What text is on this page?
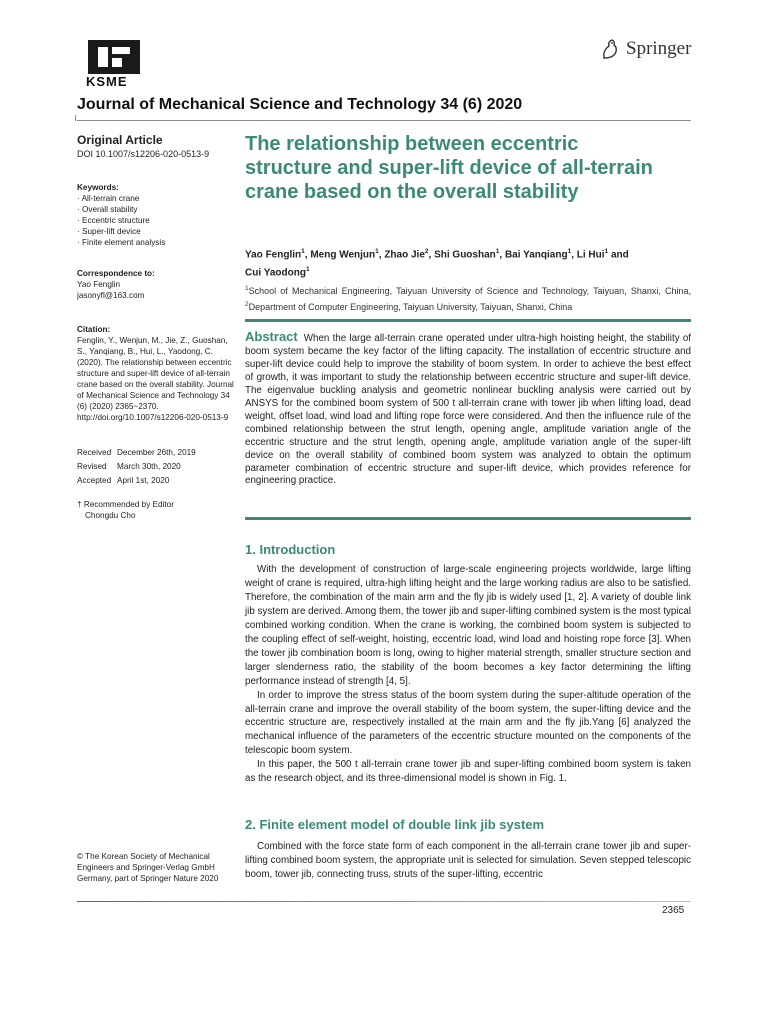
KSME
Springer
Journal of Mechanical Science and Technology 34 (6) 2020
Original Article
DOI 10.1007/s12206-020-0513-9
Keywords:
· All-terrain crane
· Overall stability
· Eccentric structure
· Super-lift device
· Finite element analysis
Correspondence to:
Yao Fenglin
jasonyfl@163.com
Citation:
Fenglin, Y., Wenjun, M., Jie, Z., Guoshan, S., Yanqiang, B., Hui, L., Yaodong, C. (2020). The relationship between eccentric structure and super-lift device of all-terrain crane based on the overall stability. Journal of Mechanical Science and Technology 34 (6) (2020) 2365~2370. http://doi.org/10.1007/s12206-020-0513-9
Received December 26th, 2019
Revised	March 30th, 2020
Accepted April 1st, 2020
† Recommended by Editor
Chongdu Cho
© The Korean Society of Mechanical Engineers and Springer-Verlag GmbH Germany, part of Springer Nature 2020
The relationship between eccentric structure and super-lift device of all-terrain crane based on the overall stability
Yao Fenglin$^1$, Meng Wenjun$^1$, Zhao Jie$^2$, Shi Guoshan$^1$, Bai Yanqiang$^1$, Li Hui$^1$ and
Cui Yaodong$^1$
$^1$School of Mechanical Engineering, Taiyuan University of Science and Technology, Taiyuan, Shanxi, China, $^2$Department of Computer Engineering, Taiyuan University, Taiyuan, Shanxi, China
Abstract When the large all-terrain crane operated under ultra-high hoisting height, the stability of boom system became the key factor of the lifting capacity. The installation of eccentric structure and super-lift device could help to improve the stability of boom system. In order to achieve the best effect of growth, it was important to study the relationship between eccentric structure and super-lift device. The eigenvalue buckling analysis and geometric nonlinear buckling analysis were carried out by ANSYS for the combined boom system of 500 t all-terrain crane with tower jib when lifting load, dead weight, offset load, wind load and lifting rope force were considered. And then the influence rule of the combined relationship between the strut length, opening angle, amplitude variation angle of the eccentric structure and the strut length, opening angle, amplitude variation angle of the super-lift device on the overall stability of combined boom system was analyzed to obtain the optimum parameter combination of eccentric structure and super-lift device, which provides reference for engineering practice.
1. Introduction

With the development of construction of large-scale engineering projects worldwide, large lifting weight of crane is required, ultra-high lifting height and the large working radius are also to be satisfied. Therefore, the combination of the main arm and the fly jib is widely used [1, 2]. A variety of double link jib system are derived. Among them, the tower jib and super-lifting combined system is the most typical combined working condition. When the crane is working, the combined boom system is subjected to the coupling effect of self-weight, hoisting, eccentric load, wind load and hoisting rope force [3]. When the tower jib combination boom is long, owing to higher material strength, smaller structure section and larger slenderness ratio, the stability of the boom becomes a key factor determining the lifting performance instead of strength [4, 5].

In order to improve the stress status of the boom system during the super-altitude operation of the all-terrain crane and improve the overall stability of the boom system, the super-lifting device and the eccentric structure are, respectively installed at the main arm and the fly jib.Yang [6] analyzed the mechanical influence of the parameters of the eccentric structure mounted on the components of the telescopic boom system.

In this paper, the 500 t all-terrain crane tower jib and super-lifting combined boom system is taken as the research object, and its three-dimensional model is shown in Fig. 1.

2. Finite element model of double link jib system

Combined with the force state form of each component in the all-terrain crane tower jib and super-lifting combined boom system, the appropriate unit is selected for simulation. Seven stepped telescopic boom, tower jib, connecting truss, struts of the super-lifting, eccentric

2365
